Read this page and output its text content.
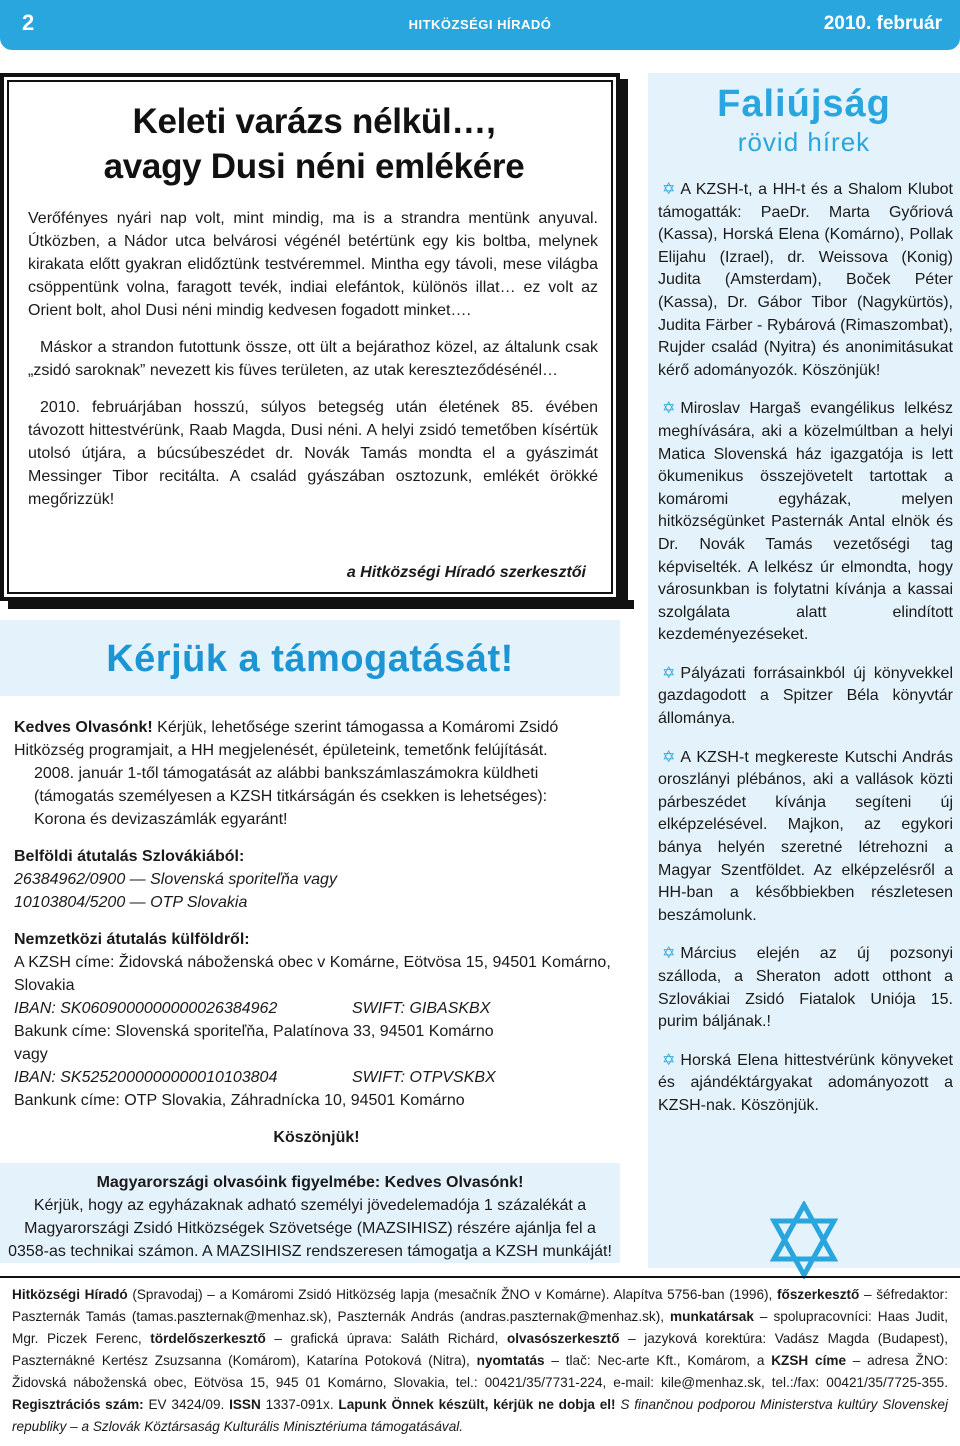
2	HITKÖZSÉGI HÍRADÓ	2010. február
Keleti varázs nélkül…,
avagy Dusi néni emlékére

Verőfényes nyári nap volt, mint mindig, ma is a strandra mentünk anyuval. Útközben, a Nádor utca belvárosi végénél betértünk egy kis boltba, melynek kirakata előtt gyakran elidőztünk testvéremmel. Mintha egy távoli, mese világba csöppentünk volna, faragott tevék, indiai elefántok, különös illat… ez volt az Orient bolt, ahol Dusi néni mindig kedvesen fogadott minket….

Máskor a strandon futottunk össze, ott ült a bejárathoz közel, az általunk csak „zsidó saroknak” nevezett kis füves területen, az utak kereszteződésénél…

2010. februárjában hosszú, súlyos betegség után életének 85. évében távozott hittestvérünk, Raab Magda, Dusi néni. A helyi zsidó temetőben kísértük utolsó útjára, a búcsúbeszédet dr. Novák Tamás mondta el a gyászimát Messinger Tibor recitálta. A család gyászában osztozunk, emlékét örökké megőrizzük!

a Hitközségi Híradó szerkesztői
Kérjük a támogatását!

Kedves Olvasónk! Kérjük, lehetősége szerint támogassa a Komáromi Zsidó Hitközség programjait, a HH megjelenését, épületeink, temetőnk felújítását.

2008. január 1-től támogatását az alábbi bankszámlaszámokra küldheti (támogatás személyesen a KZSH titkárságán és csekken is lehetséges):

Korona és devizaszámlák egyaránt!

Belföldi átutalás Szlovákiából:

26384962/0900 — Slovenská sporiteľňa vagy

10103804/5200 — OTP Slovakia

Nemzetközi átutalás külföldről:

A KZSH címe: Židovská náboženská obec v Komárne, Eötvösa 15, 94501 Komárno, Slovakia

IBAN: SK0609000000000026384962	SWIFT: GIBASKBX

Bakunk címe: Slovenská sporiteľňa, Palatínova 33, 94501 Komárno

vagy

IBAN: SK5252000000000010103804	SWIFT: OTPVSKBX

Bankunk címe: OTP Slovakia, Záhradnícka 10, 94501 Komárno

Köszönjük!

Magyarországi olvasóink figyelmébe: Kedves Olvasónk!
Kérjük, hogy az egyházaknak adható személyi jövedelemadója 1 százalékát a Magyarországi Zsidó Hitközségek Szövetsége (MAZSIHISZ) részére ajánlja fel a 0358-as technikai számon. A MAZSIHISZ rendszeresen támogatja a KZSH munkáját!
Faliújság
rövid hírek

✡ A KZSH-t, a HH-t és a Shalom Klubot támogatták: PaeDr. Marta Győriová (Kassa), Horská Elena (Komárno), Pollak Elijahu (Izrael), dr. Weissova (Konig) Judita (Amsterdam), Boček Péter (Kassa), Dr. Gábor Tibor (Nagykürtös), Judita Färber - Rybárová (Rimaszombat), Rujder család (Nyitra) és anonimitásukat kérő adományozók. Köszönjük!

✡ Miroslav Hargaš evangélikus lelkész meghívására, aki a közelmúltban a helyi Matica Slovenská ház igazgatója is lett ökumenikus összejövetelt tartottak a komáromi egyházak, melyen hitközségünket Pasternák Antal elnök és Dr. Novák Tamás vezetőségi tag képviselték. A lelkész úr elmondta, hogy városunkban is folytatni kívánja a kassai szolgálata alatt elindított kezdeményezéseket.

✡ Pályázati forrásainkból új könyvekkel gazdagodott a Spitzer Béla könyvtár állománya.

✡ A KZSH-t megkereste Kutschi András oroszlányi plébános, aki a vallások közti párbeszédet kívánja segíteni új elképzelésével. Majkon, az egykori bánya helyén szeretné létrehozni a Magyar Szentföldet. Az elképzelésről a HH-ban a későbbiekben részletesen beszámolunk.

✡ Március elején az új pozsonyi szálloda, a Sheraton adott otthont a Szlovákiai Zsidó Fiatalok Uniója 15. purim báljának.!

✡ Horská Elena hittestvérünk könyveket és ajándéktárgyakat adományozott a KZSH-nak. Köszönjük.

Hitközségi Híradó (Spravodaj) – a Komáromi Zsidó Hitközség lapja (mesačník ŽNO v Komárne). Alapítva 5756-ban (1996), főszerkesztő – šéfredaktor: Paszternák Tamás (tamas.paszternak@menhaz.sk), Paszternák András (andras.paszternak@menhaz.sk), munkatársak – spolupracovníci: Haas Judit, Mgr. Piczek Ferenc, tördelőszerkesztő – grafická úprava: Saláth Richárd, olvasószerkesztő – jazyková korektúra: Vadász Magda (Budapest), Paszternákné Kertész Zsuzsanna (Komárom), Katarína Potoková (Nitra), nyomtatás – tlač: Nec-arte Kft., Komárom, a KZSH címe – adresa ŽNO: Židovská náboženská obec, Eötvösa 15, 945 01 Komárno, Slovakia, tel.: 00421/35/7731-224, e-mail: kile@menhaz.sk, tel.:/fax: 00421/35/7725-355. Regisztrációs szám: EV 3424/09. ISSN 1337-091x. Lapunk Önnek készült, kérjük ne dobja el! S finančnou podporou Ministerstva kultúry Slovenskej republiky – a Szlovák Köztársaság Kulturális Minisztériuma támogatásával.
